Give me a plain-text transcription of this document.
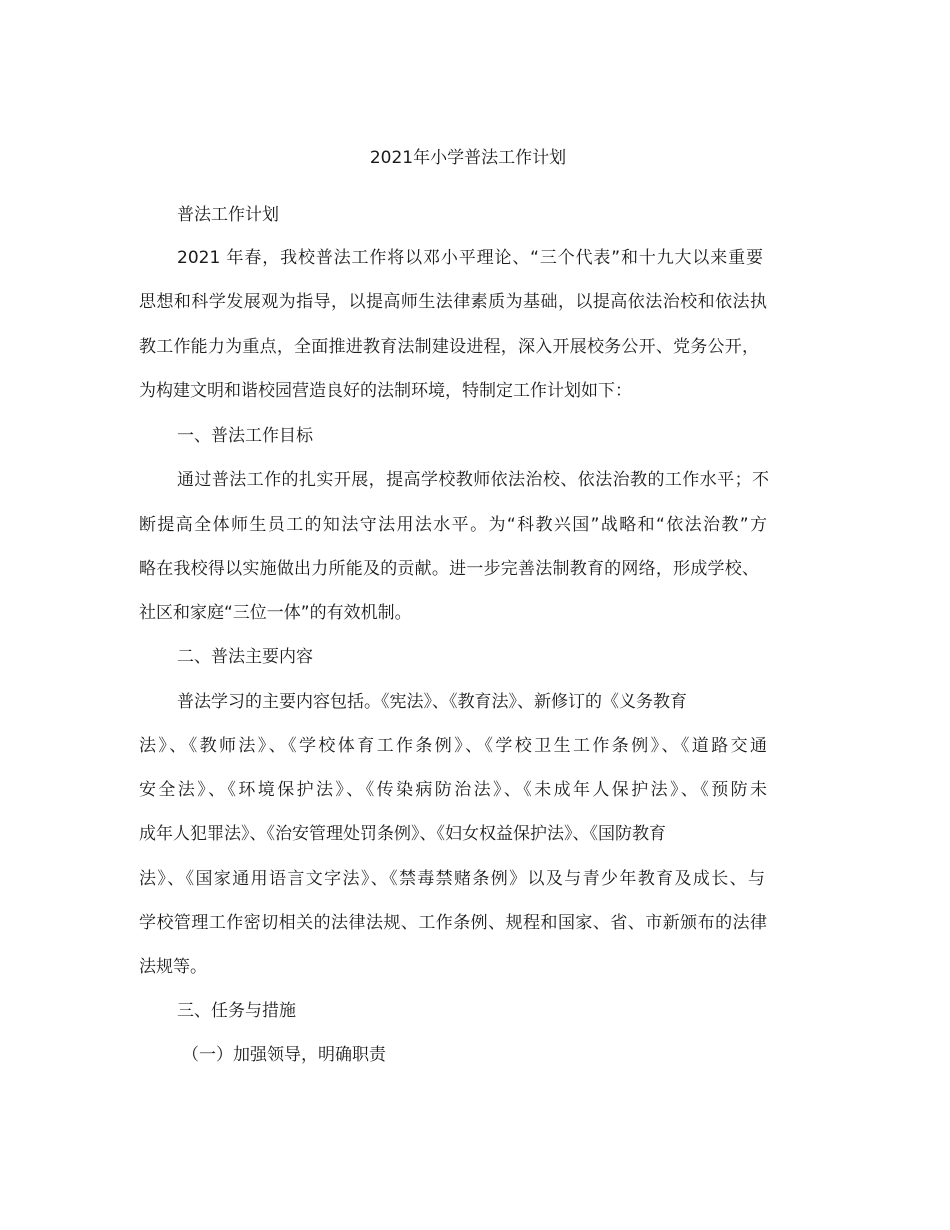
2021年小学普法工作计划
普法工作计划
2021 年春，我校普法工作将以邓小平理论、“三个代表”和十九大以来重要
思想和科学发展观为指导，以提高师生法律素质为基础，以提高依法治校和依法执
教工作能力为重点，全面推进教育法制建设进程，深入开展校务公开、党务公开，
为构建文明和谐校园营造良好的法制环境，特制定工作计划如下：
一、普法工作目标
通过普法工作的扎实开展，提高学校教师依法治校、依法治教的工作水平；不
断提高全体师生员工的知法守法用法水平。为“科教兴国”战略和“依法治教”方
略在我校得以实施做出力所能及的贡献。进一步完善法制教育的网络，形成学校、
社区和家庭“三位一体”的有效机制。
二、普法主要内容
普法学习的主要内容包括。《宪法》、《教育法》、新修订的《义务教育
法》、《教师法》、《学校体育工作条例》、《学校卫生工作条例》、《道路交通
安全法》、《环境保护法》、《传染病防治法》、《未成年人保护法》、《预防未
成年人犯罪法》、《治安管理处罚条例》、《妇女权益保护法》、《国防教育
法》、《国家通用语言文字法》、《禁毒禁赌条例》以及与青少年教育及成长、与
学校管理工作密切相关的法律法规、工作条例、规程和国家、省、市新颁布的法律
法规等。
三、任务与措施
（一）加强领导，明确职责
